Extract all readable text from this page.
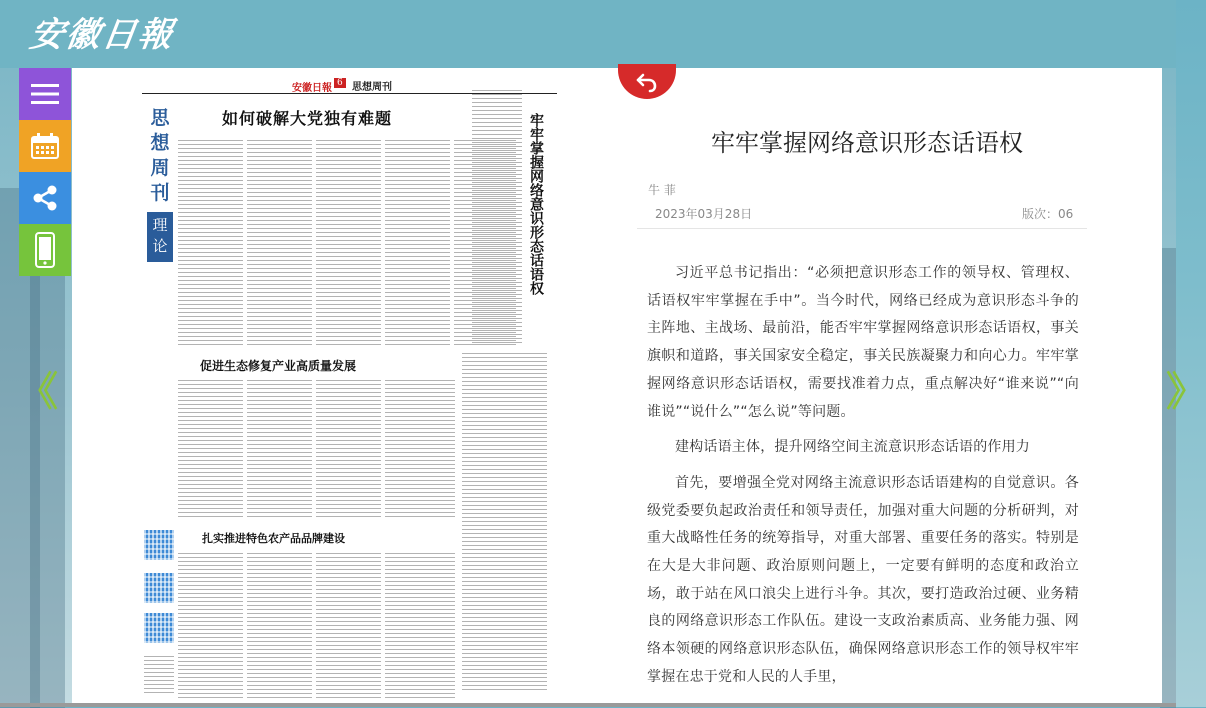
安徽日報
《	》
安徽日報 6 思想周刊
思
想
周
刊
理
论
如何破解大党独有难题	牢牢掌握网络意识形态话语权
促进生态修复产业高质量发展
扎实推进特色农产品品牌建设
牢牢掌握网络意识形态话语权
牛 菲
2023年03月28日	版次：06

习近平总书记指出：“必须把意识形态工作的领导权、管理权、话语权牢牢掌握在手中”。当今时代，网络已经成为意识形态斗争的主阵地、主战场、最前沿，能否牢牢掌握网络意识形态话语权，事关旗帜和道路，事关国家安全稳定，事关民族凝聚力和向心力。牢牢掌握网络意识形态话语权，需要找准着力点，重点解决好“谁来说”“向谁说”“说什么”“怎么说”等问题。

建构话语主体，提升网络空间主流意识形态话语的作用力

首先，要增强全党对网络主流意识形态话语建构的自觉意识。各级党委要负起政治责任和领导责任，加强对重大问题的分析研判，对重大战略性任务的统筹指导，对重大部署、重要任务的落实。特别是在大是大非问题、政治原则问题上，一定要有鲜明的态度和政治立场，敢于站在风口浪尖上进行斗争。其次，要打造政治过硬、业务精良的网络意识形态工作队伍。建设一支政治素质高、业务能力强、网络本领硬的网络意识形态队伍，确保网络意识形态工作的领导权牢牢掌握在忠于党和人民的人手里，
